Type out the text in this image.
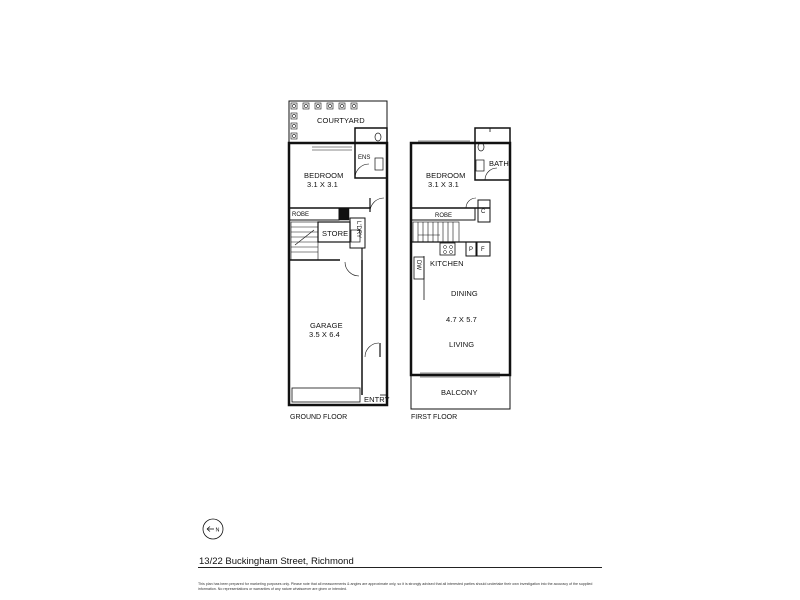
COURTYARD
ENS
BEDROOM
3.1 X 3.1
ROBE
STORE L'DRY
GARAGE
3.5 X 6.4
ENTRY
GROUND FLOOR
BEDROOM
3.1 X 3.1
BATH
ROBE
C
P F
DW KITCHEN
DINING
4.7 X 5.7
LIVING
BALCONY
FIRST FLOOR
N
13/22 Buckingham Street, Richmond
This plan has been prepared for marketing purposes only. Please note that all measurements & angles are approximate only, so it is strongly advised that all interested parties should undertake their own investigation into the accuracy of the supplied information. No representations or warranties of any nature whatsoever are given or intended.
